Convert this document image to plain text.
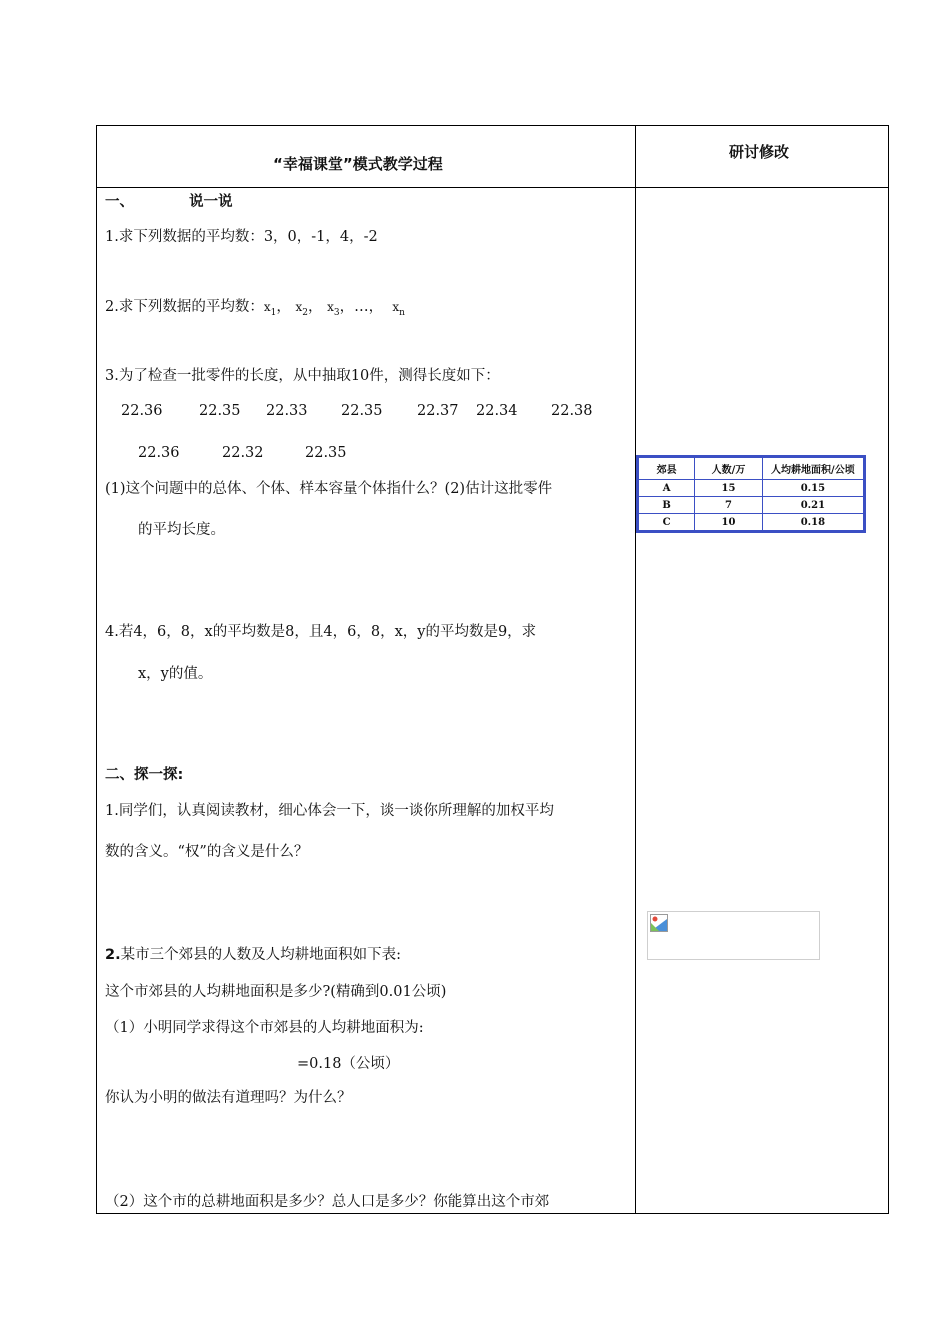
“幸福课堂”模式教学过程
研讨修改
一、	说一说
1.求下列数据的平均数：3，0，-1，4，-2
2.求下列数据的平均数：$x_1$， $x_2$， $x_3$，…， $x_n$
3.为了检查一批零件的长度，从中抽取10件，测得长度如下：
22.36	22.35 22.33 22.35 22.37 22.34 22.38
22.36	22.32	22.35
(1)这个问题中的总体、个体、样本容量个体指什么？(2)估计这批零件
的平均长度。
4.若4，6，8，x的平均数是8，且4，6，8，x，y的平均数是9，求
x，y的值。
二、探一探:
1.同学们，认真阅读教材，细心体会一下，谈一谈你所理解的加权平均
数的含义。“权”的含义是什么？
2.某市三个郊县的人数及人均耕地面积如下表:
这个市郊县的人均耕地面积是多少?(精确到0.01公顷)
（1）小明同学求得这个市郊县的人均耕地面积为:
=0.18（公顷）
你认为小明的做法有道理吗？为什么？
（2）这个市的总耕地面积是多少？总人口是多少？你能算出这个市郊
郊县	人数/万	人均耕地面积/公顷
A	15	0.15
B	7	0.21
C	10	0.18
